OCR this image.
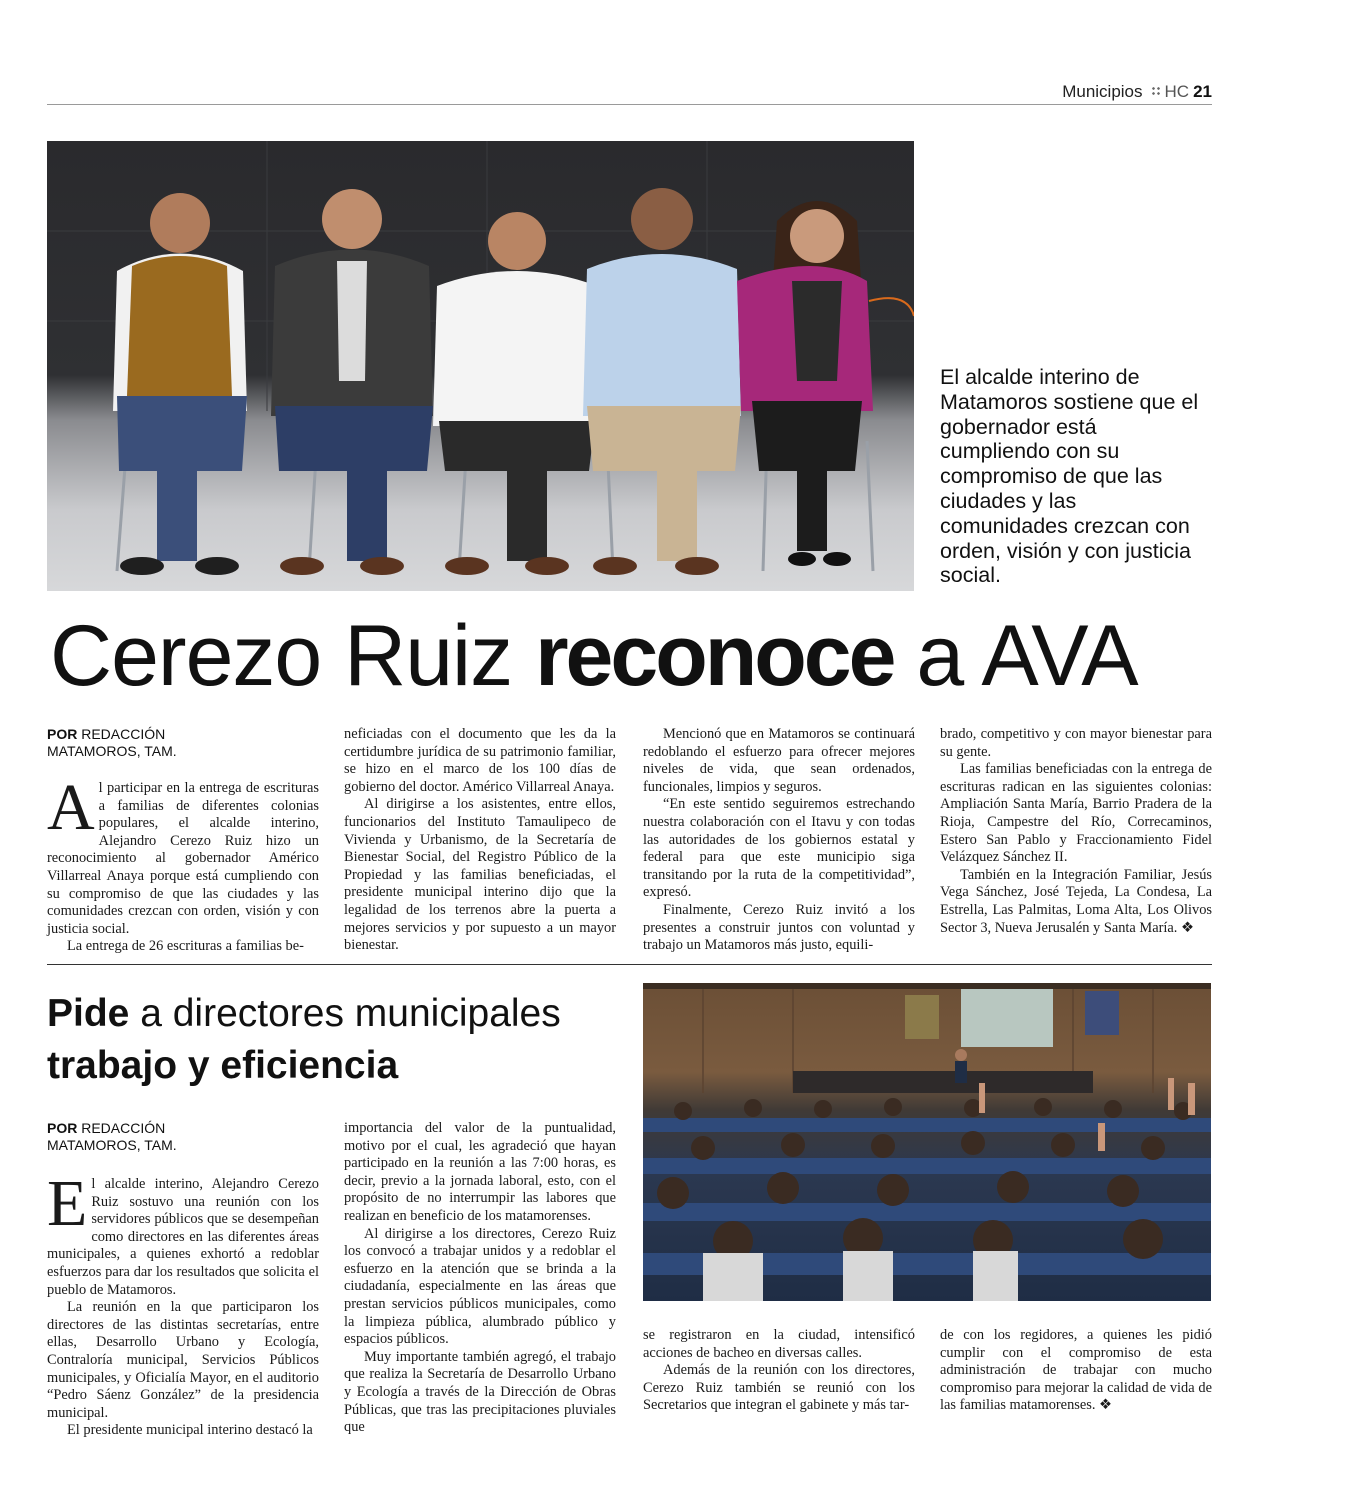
Municipios HC 21
El alcalde interino de Matamoros sostiene que el gobernador está cumpliendo con su compromiso de que las ciudades y las comunidades crezcan con orden, visión y con justicia social.
Cerezo Ruiz reconoce a AVA
POR REDACCIÓN
MATAMOROS, TAM.

Al participar en la entrega de escrituras a familias de diferentes colonias populares, el alcalde interino, Alejandro Cerezo Ruiz hizo un reconocimiento al gobernador Américo Villarreal Anaya porque está cumpliendo con su compromiso de que las ciudades y las comunidades crezcan con orden, visión y con justicia social.

La entrega de 26 escrituras a familias be-

neficiadas con el documento que les da la certidumbre jurídica de su patrimonio familiar, se hizo en el marco de los 100 días de gobierno del doctor. Américo Villarreal Anaya.

Al dirigirse a los asistentes, entre ellos, funcionarios del Instituto Tamaulipeco de Vivienda y Urbanismo, de la Secretaría de Bienestar Social, del Registro Público de la Propiedad y las familias beneficiadas, el presidente municipal interino dijo que la legalidad de los terrenos abre la puerta a mejores servicios y por supuesto a un mayor bienestar.

Mencionó que en Matamoros se continuará redoblando el esfuerzo para ofrecer mejores niveles de vida, que sean ordenados, funcionales, limpios y seguros.

“En este sentido seguiremos estrechando nuestra colaboración con el Itavu y con todas las autoridades de los gobiernos estatal y federal para que este municipio siga transitando por la ruta de la competitividad”, expresó.

Finalmente, Cerezo Ruiz invitó a los presentes a construir juntos con voluntad y trabajo un Matamoros más justo, equili-

brado, competitivo y con mayor bienestar para su gente.

Las familias beneficiadas con la entrega de escrituras radican en las siguientes colonias: Ampliación Santa María, Barrio Pradera de la Rioja, Campestre del Río, Correcaminos, Estero San Pablo y Fraccionamiento Fidel Velázquez Sánchez II.

También en la Integración Familiar, Jesús Vega Sánchez, José Tejeda, La Condesa, La Estrella, Las Palmitas, Loma Alta, Los Olivos Sector 3, Nueva Jerusalén y Santa María. ❖

Pide a directores municipales
trabajo y eficiencia
POR REDACCIÓN
MATAMOROS, TAM.

El alcalde interino, Alejandro Cerezo Ruiz sostuvo una reunión con los servidores públicos que se desempeñan como directores en las diferentes áreas municipales, a quienes exhortó a redoblar esfuerzos para dar los resultados que solicita el pueblo de Matamoros.

La reunión en la que participaron los directores de las distintas secretarías, entre ellas, Desarrollo Urbano y Ecología, Contraloría municipal, Servicios Públicos municipales, y Oficialía Mayor, en el auditorio “Pedro Sáenz González” de la presidencia municipal.

El presidente municipal interino destacó la

importancia del valor de la puntualidad, motivo por el cual, les agradeció que hayan participado en la reunión a las 7:00 horas, es decir, previo a la jornada laboral, esto, con el propósito de no interrumpir las labores que realizan en beneficio de los matamorenses.

Al dirigirse a los directores, Cerezo Ruiz los convocó a trabajar unidos y a redoblar el esfuerzo en la atención que se brinda a la ciudadanía, especialmente en las áreas que prestan servicios públicos municipales, como la limpieza pública, alumbrado público y espacios públicos.

Muy importante también agregó, el trabajo que realiza la Secretaría de Desarrollo Urbano y Ecología a través de la Dirección de Obras Públicas, que tras las precipitaciones pluviales que

se registraron en la ciudad, intensificó acciones de bacheo en diversas calles.

Además de la reunión con los directores, Cerezo Ruiz también se reunió con los Secretarios que integran el gabinete y más tar-

de con los regidores, a quienes les pidió cumplir con el compromiso de esta administración de trabajar con mucho compromiso para mejorar la calidad de vida de las familias matamorenses. ❖
